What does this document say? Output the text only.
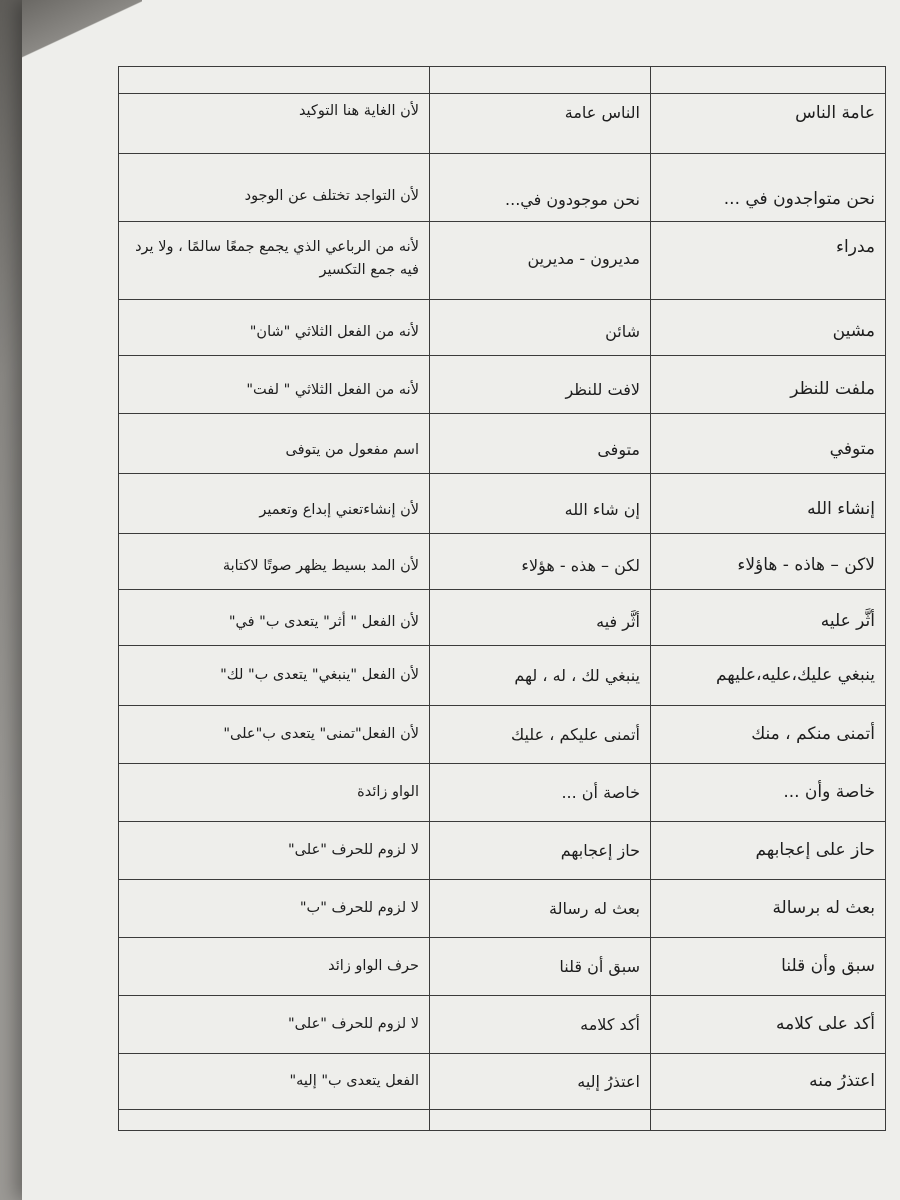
عامة الناس	الناس عامة	لأن الغاية هنا التوكيد
نحن متواجدون في ...	نحن موجودون في...	لأن التواجد تختلف عن الوجود
مدراء	مديرون - مديرين	لأنه من الرباعي الذي يجمع جمعًا سالمًا ، ولا يرد فيه جمع التكسير
مشين	شائن	لأنه من الفعل الثلاثي "شان"
ملفت للنظر	لافت للنظر	لأنه من الفعل الثلاثي " لفت"
متوفي	متوفى	اسم مفعول من يتوفى
إنشاء الله	إن شاء الله	لأن إنشاءتعني إبداع وتعمير
لاكن – هاذه - هاؤلاء	لكن – هذه - هؤلاء	لأن المد بسيط يظهر صوتًا لاكتابة
أثَّر عليه	أثَّر فيه	لأن الفعل " أثر" يتعدى ب" في"
ينبغي عليك،عليه،عليهم	ينبغي لك ، له ، لهم	لأن الفعل "ينبغي" يتعدى ب" لك"
أتمنى منكم ، منك	أتمنى عليكم ، عليك	لأن الفعل"تمنى" يتعدى ب"على"
خاصة وأن ...	خاصة أن ...	الواو زائدة
حاز على إعجابهم	حاز إعجابهم	لا لزوم للحرف "على"
بعث له برسالة	بعث له رسالة	لا لزوم للحرف "ب"
سبق وأن قلنا	سبق أن قلنا	حرف الواو زائد
أكد على كلامه	أكد كلامه	لا لزوم للحرف "على"
اعتذرُ منه	اعتذرُ إليه	الفعل يتعدى ب" إليه"
